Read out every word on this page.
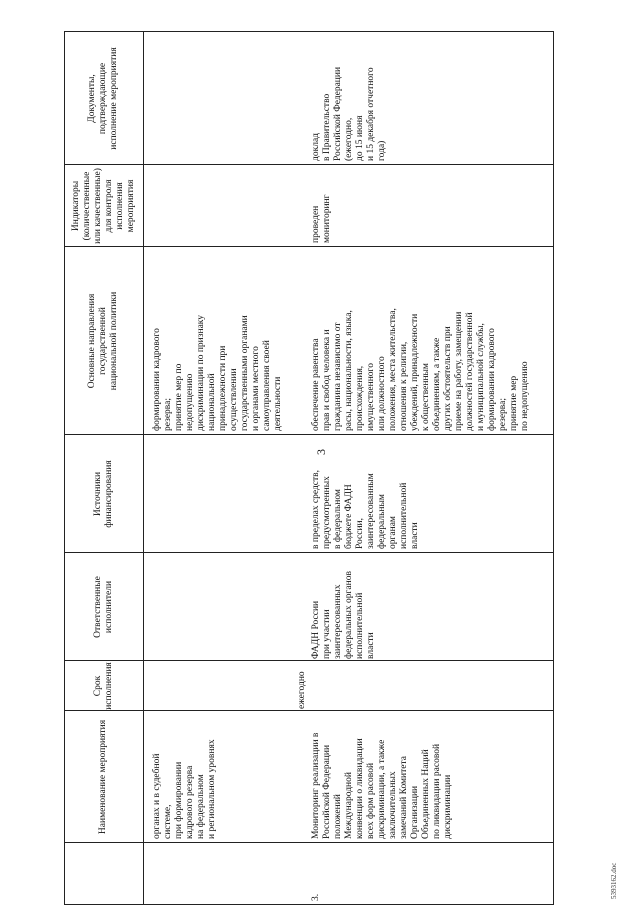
3
Наименование мероприятия
Срок
исполнения
Ответственные
исполнители
Источники
финансирования
Основные направления
государственной
национальной политики
Индикаторы
(количественные
или качественные)
для контроля
исполнения
мероприятия
Документы,
подтверждающие
исполнение мероприятия
органах и в судебной
системе,
при формировании
кадрового резерва
на федеральном
и региональном уровнях
формировании кадрового
резерва;
принятие мер по
недопущению
дискриминации по признаку
национальной
принадлежности при
осуществлении
государственными органами
и органами местного
самоуправления своей
деятельности
3.
Мониторинг реализации в
Российской Федерации
положений
Международной
конвенции о ликвидации
всех форм расовой
дискриминации, а также
заключительных
замечаний Комитета
Организации
Объединенных Наций
по ликвидации расовой
дискриминации
ежегодно
ФАДН России
при участии
заинтересованных
федеральных органов
исполнительной
власти
в пределах средств,
предусмотренных
в федеральном
бюджете ФАДН
России,
заинтересованным
федеральным
органам
исполнительной
власти
обеспечение равенства
прав и свобод человека и
гражданина независимо от
расы, национальности, языка,
происхождения,
имущественного
или должностного
положения, места жительства,
отношения к религии,
убеждений, принадлежности
к общественным
объединениям, а также
других обстоятельств при
приеме на работу, замещении
должностей государственной
и муниципальной службы,
формировании кадрового
резерва;
принятие мер
по недопущению
проведен
мониторинг
доклад
в Правительство
Российской Федерации
(ежегодно,
до 15 июня
и 15 декабря отчетного
года)
5393162.doc
